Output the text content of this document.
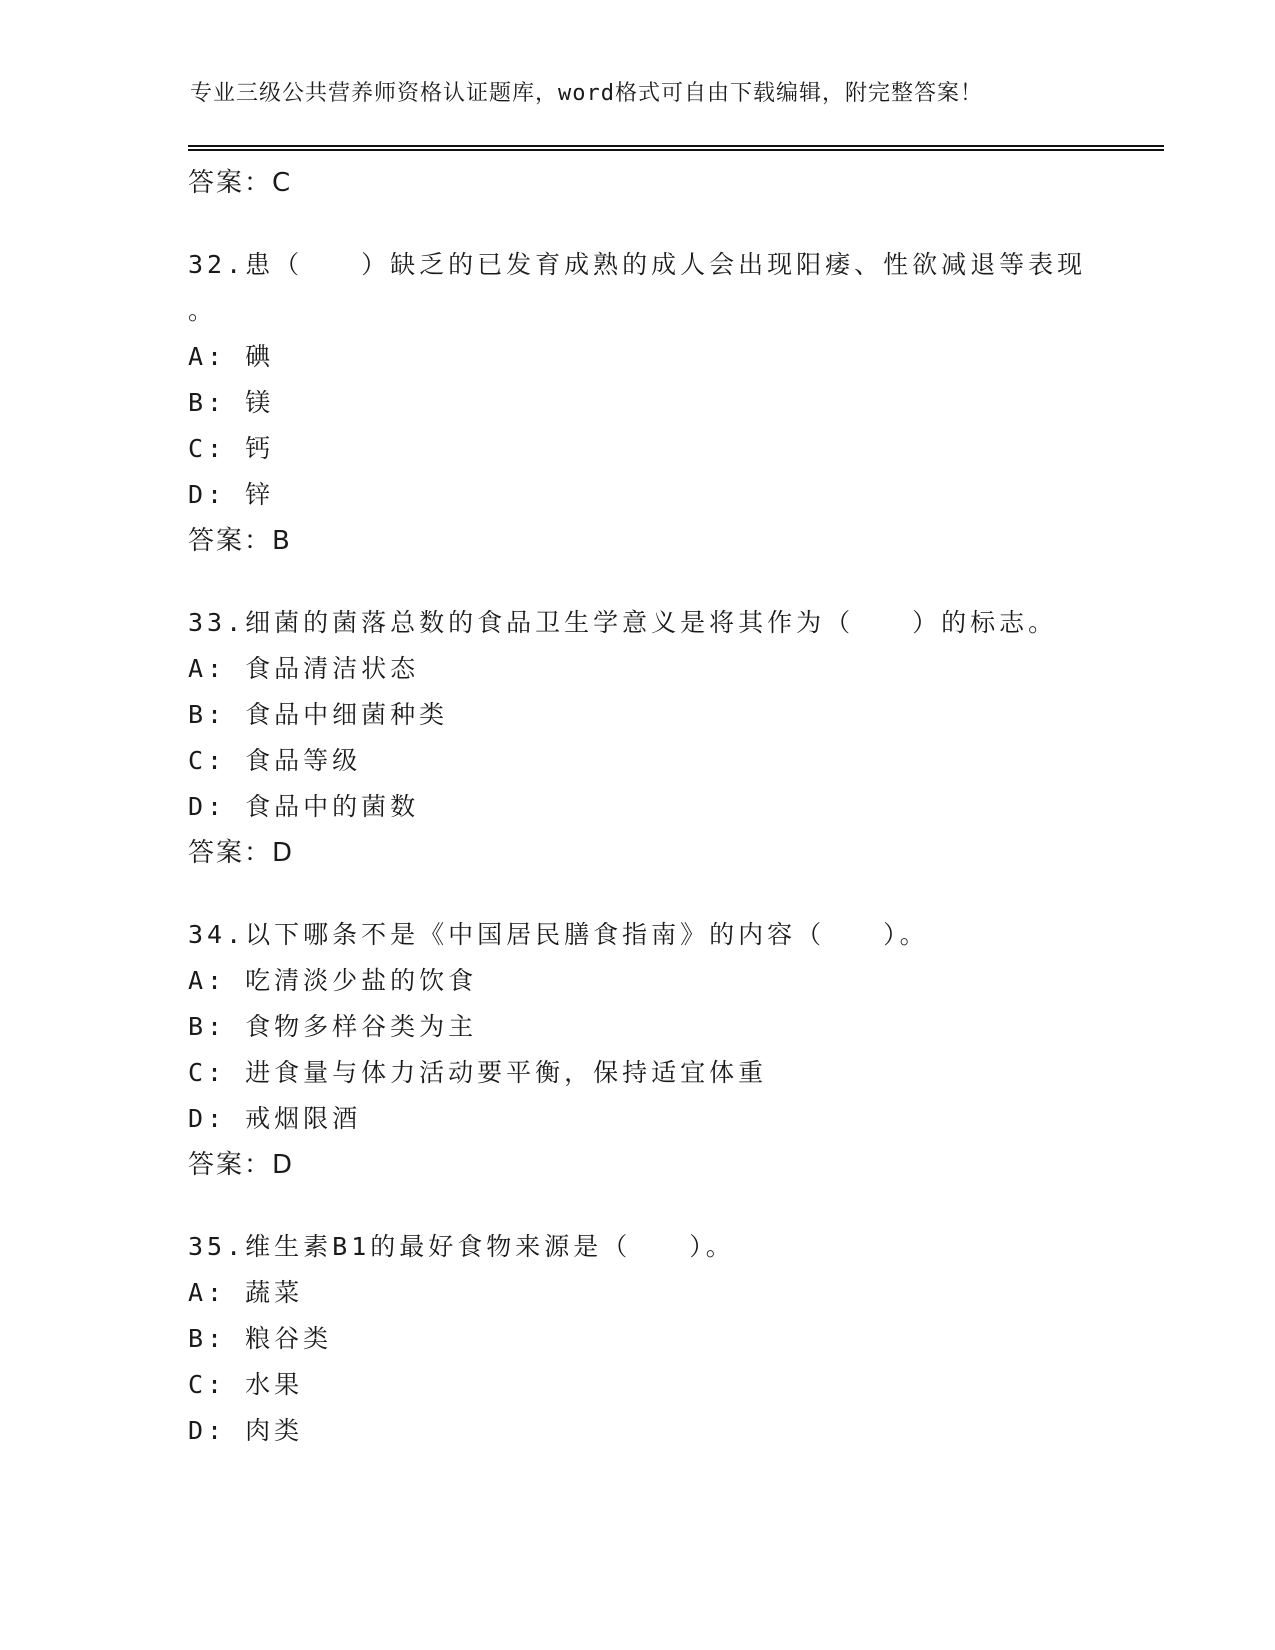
专业三级公共营养师资格认证题库，word格式可自由下载编辑，附完整答案！
答案：C
32.患（　　）缺乏的已发育成熟的成人会出现阳痿、性欲减退等表现
。
A: 碘
B: 镁
C: 钙
D: 锌
答案：B
33.细菌的菌落总数的食品卫生学意义是将其作为（　　）的标志。
A: 食品清洁状态
B: 食品中细菌种类
C: 食品等级
D: 食品中的菌数
答案：D
34.以下哪条不是《中国居民膳食指南》的内容（　　）。
A: 吃清淡少盐的饮食
B: 食物多样谷类为主
C: 进食量与体力活动要平衡，保持适宜体重
D: 戒烟限酒
答案：D
35.维生素B1的最好食物来源是（　　）。
A: 蔬菜
B: 粮谷类
C: 水果
D: 肉类
